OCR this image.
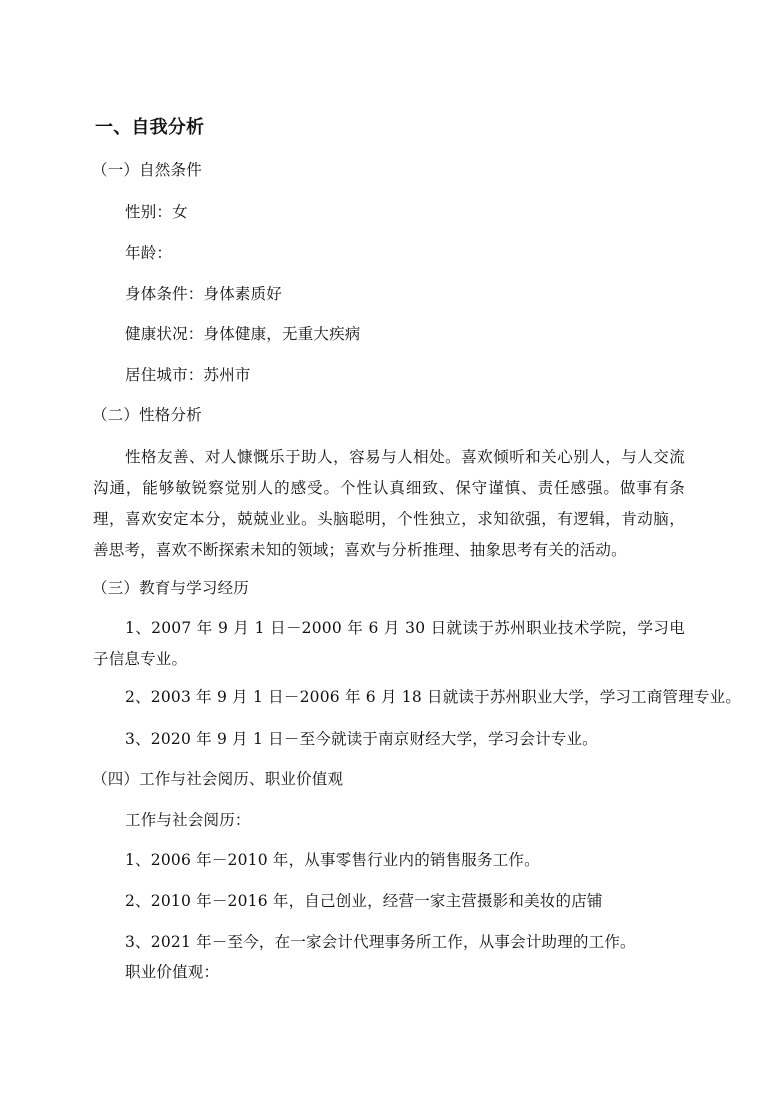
一、自我分析
（一）自然条件
性别：女
年龄：
身体条件：身体素质好
健康状况：身体健康，无重大疾病
居住城市：苏州市
（二）性格分析
性格友善、对人慷慨乐于助人，容易与人相处。喜欢倾听和关心别人，与人交流沟通，能够敏锐察觉别人的感受。个性认真细致、保守谨慎、责任感强。做事有条理，喜欢安定本分，兢兢业业。头脑聪明，个性独立，求知欲强，有逻辑，肯动脑，善思考，喜欢不断探索未知的领域；喜欢与分析推理、抽象思考有关的活动。
（三）教育与学习经历
1、2007 年 9 月 1 日－2000 年 6 月 30 日就读于苏州职业技术学院，学习电子信息专业。
2、2003 年 9 月 1 日－2006 年 6 月 18 日就读于苏州职业大学，学习工商管理专业。
3、2020 年 9 月 1 日－至今就读于南京财经大学，学习会计专业。
（四）工作与社会阅历、职业价值观
工作与社会阅历：
1、2006 年－2010 年，从事零售行业内的销售服务工作。
2、2010 年－2016 年，自己创业，经营一家主营摄影和美妆的店铺
3、2021 年－至今，在一家会计代理事务所工作，从事会计助理的工作。
职业价值观：
